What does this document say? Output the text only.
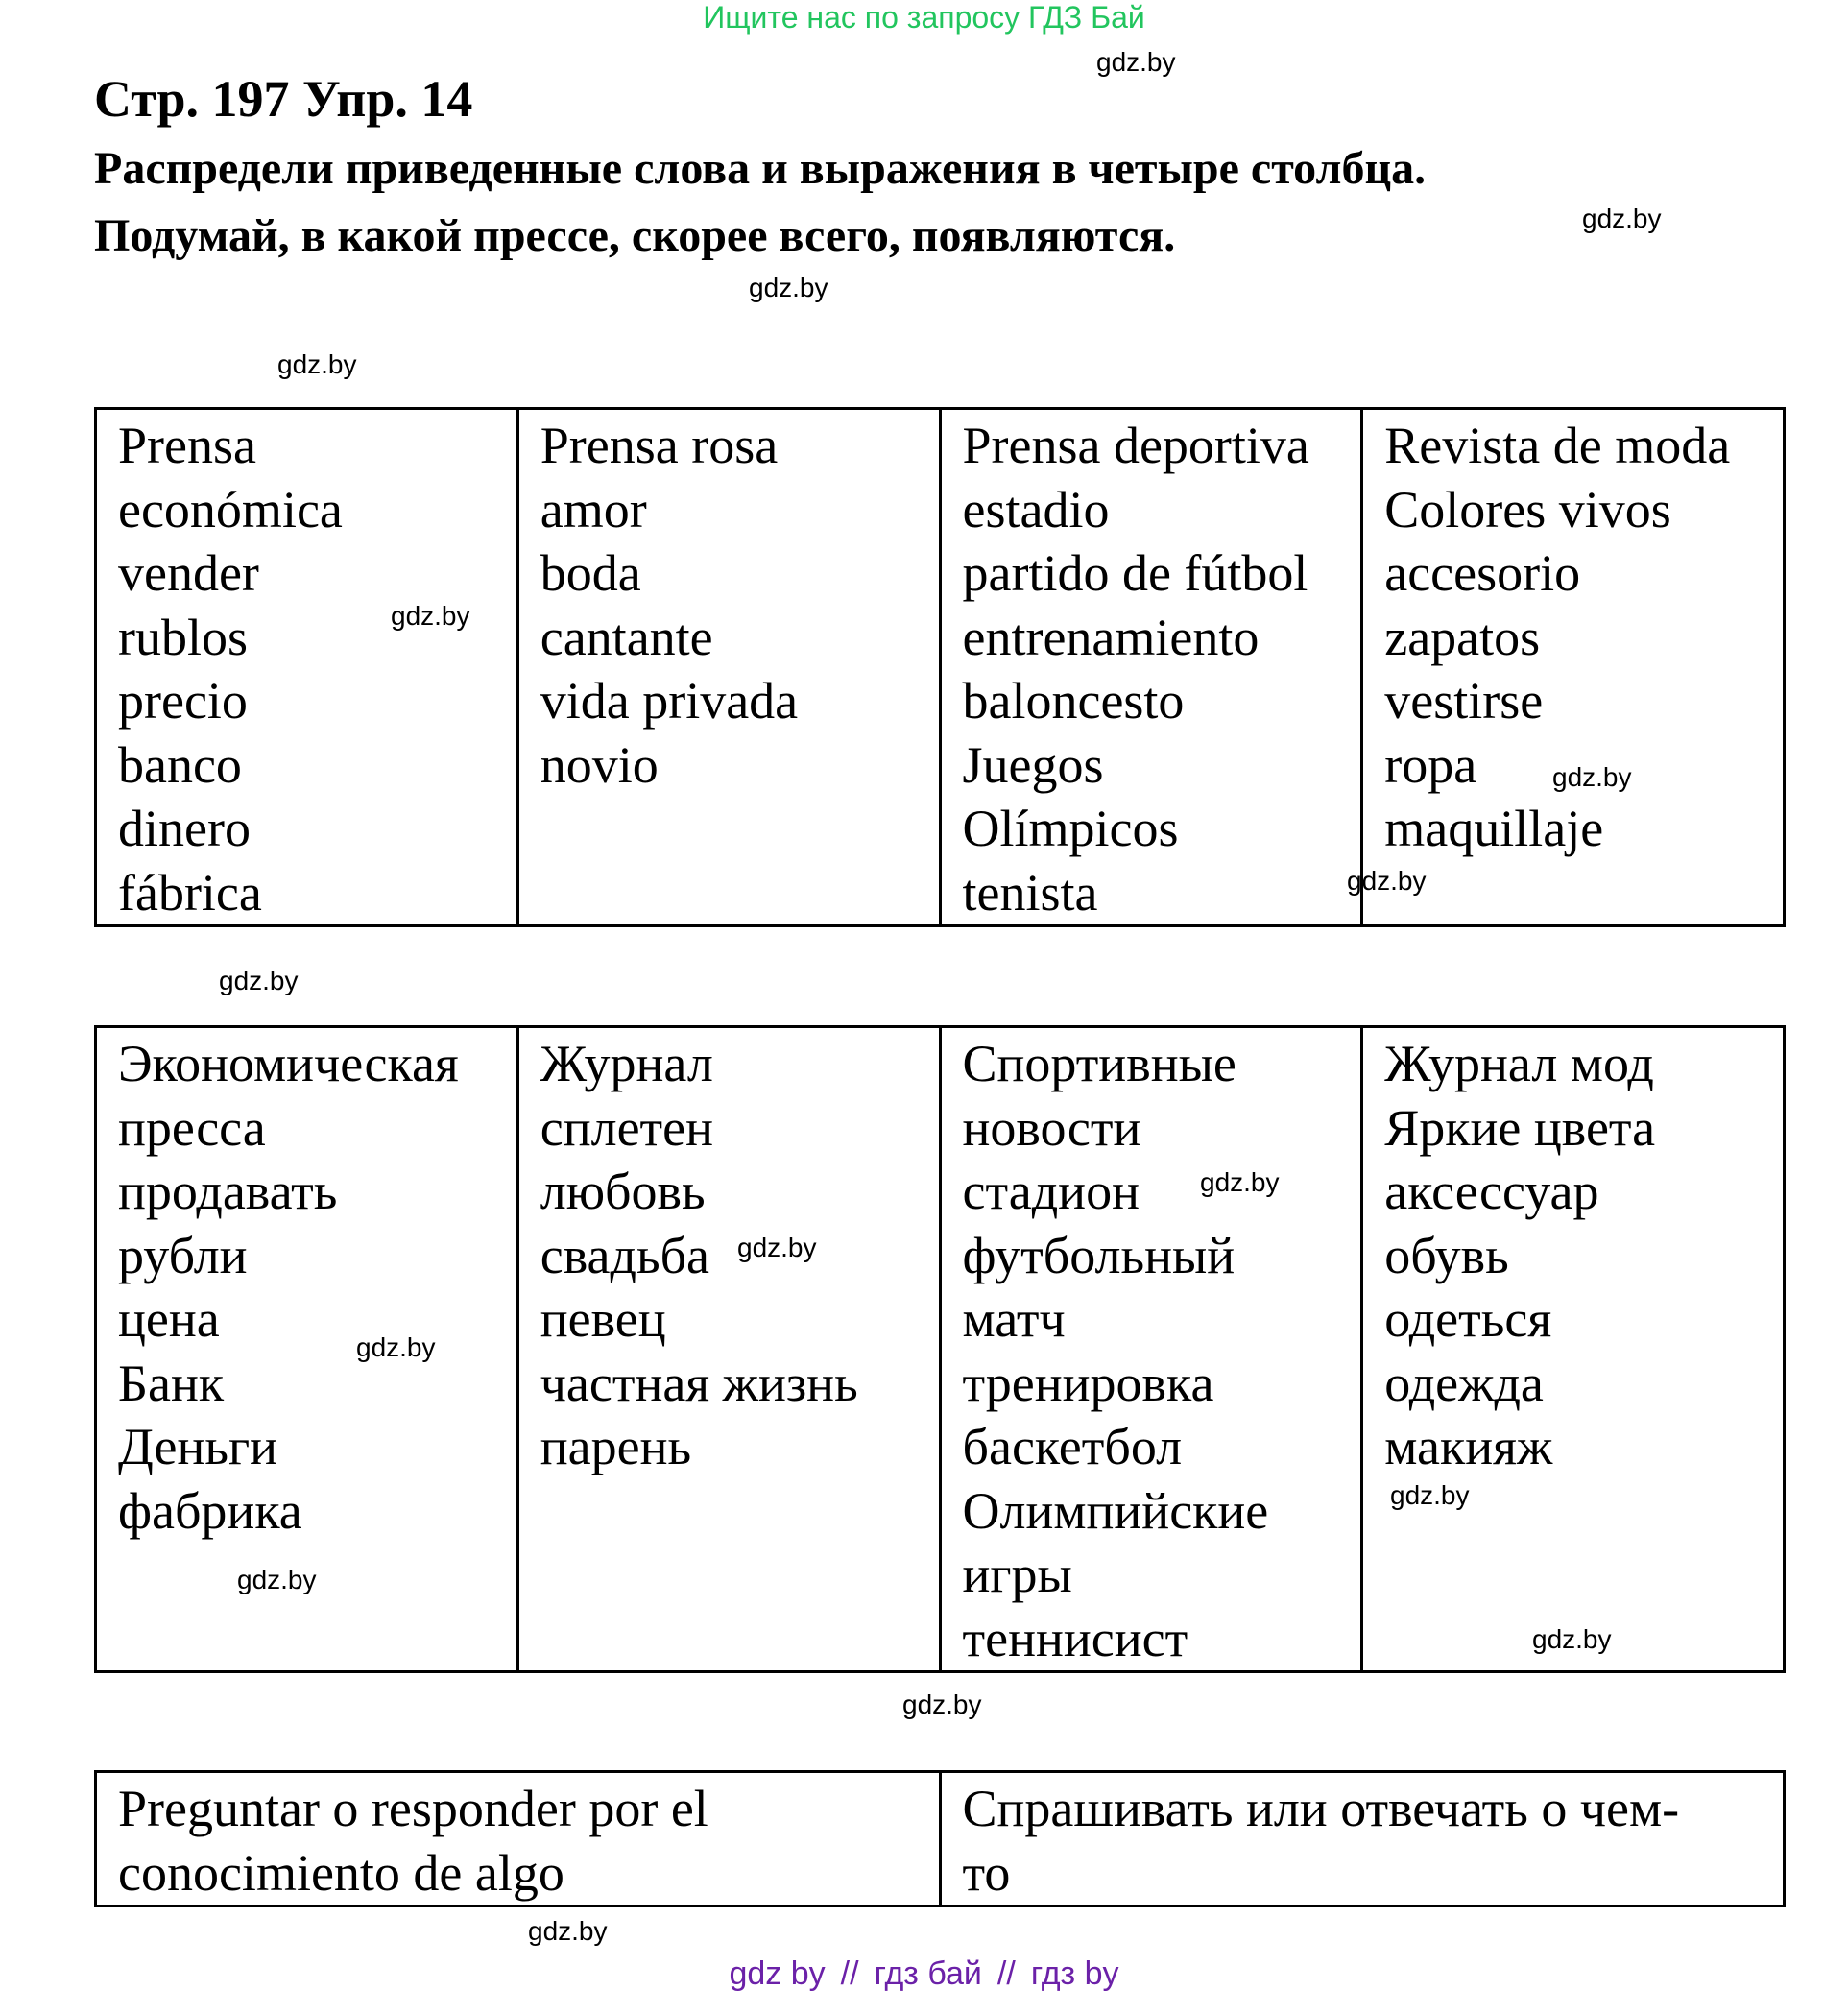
Ищите нас по запросу ГДЗ Бай
Стр. 197 Упр. 14
Распредели приведенные слова и выражения в четыре столбца.
Подумай, в какой прессе, скорее всего, появляются.
gdz.by
gdz.by
gdz.by
gdz.by
Prensa
económica
vender
rublos
precio
banco
dinero
fábrica

Prensa rosa
amor
boda
cantante
vida privada
novio

Prensa deportiva
estadio
partido de fútbol
entrenamiento
baloncesto
Juegos
Olímpicos
tenista

Revista de moda
Colores vivos
accesorio
zapatos
vestirse
ropa
maquillaje
gdz.by
gdz.by
gdz.by
gdz.by
Экономическая
пресса
продавать
рубли
цена
Банк
Деньги
фабрика

Журнал
сплетен
любовь
свадьба
певец
частная жизнь
парень

Спортивные
новости
стадион
футбольный
матч
тренировка
баскетбол
Олимпийские
игры
теннисист

Журнал мод
Яркие цвета
аксессуар
обувь
одеться
одежда
макияж
gdz.by
gdz.by
gdz.by
gdz.by
gdz.by
gdz.by
gdz.by
Preguntar o responder por el
conocimiento de algo

Спрашивать или отвечать о чем-
то
gdz.by
gdz by // гдз бай // гдз by
